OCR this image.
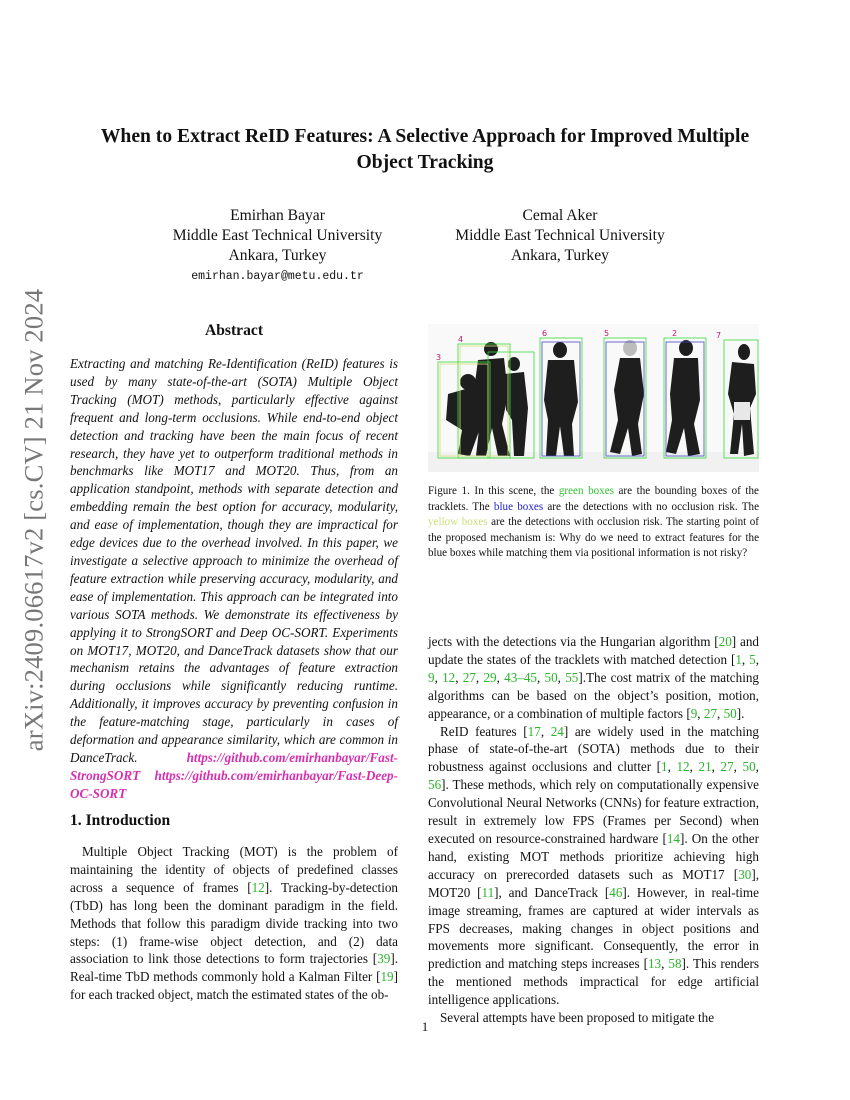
arXiv:2409.06617v2 [cs.CV] 21 Nov 2024
When to Extract ReID Features: A Selective Approach for Improved Multiple
Object Tracking
Emirhan Bayar
Middle East Technical University
Ankara, Turkey
emirhan.bayar@metu.edu.tr
Cemal Aker
Middle East Technical University
Ankara, Turkey
Abstract
Extracting and matching Re-Identification (ReID) features is used by many state-of-the-art (SOTA) Multiple Object Tracking (MOT) methods, particularly effective against frequent and long-term occlusions. While end-to-end object detection and tracking have been the main focus of recent research, they have yet to outperform traditional methods in benchmarks like MOT17 and MOT20. Thus, from an application standpoint, methods with separate detection and embedding remain the best option for accuracy, modularity, and ease of implementation, though they are impractical for edge devices due to the overhead involved. In this paper, we investigate a selective approach to minimize the overhead of feature extraction while preserving accuracy, modularity, and ease of implementation. This approach can be integrated into various SOTA methods. We demonstrate its effectiveness by applying it to StrongSORT and Deep OC-SORT. Experiments on MOT17, MOT20, and DanceTrack datasets show that our mechanism retains the advantages of feature extraction during occlusions while significantly reducing runtime. Additionally, it improves accuracy by preventing confusion in the feature-matching stage, particularly in cases of deformation and appearance similarity, which are common in DanceTrack.	https://github.com/emirhanbayar/Fast-StrongSORT https://github.com/emirhanbayar/Fast-Deep-OC-SORT
1. Introduction

Multiple Object Tracking (MOT) is the problem of maintaining the identity of objects of predefined classes across a sequence of frames [12]. Tracking-by-detection (TbD) has long been the dominant paradigm in the field. Methods that follow this paradigm divide tracking into two steps: (1) frame-wise object detection, and (2) data association to link those detections to form trajectories [39]. Real-time TbD methods commonly hold a Kalman Filter [19] for each tracked object, match the estimated states of the ob-

3
4
6	5	2	7
Figure 1. In this scene, the green boxes are the bounding boxes of the tracklets. The blue boxes are the detections with no occlusion risk. The yellow boxes are the detections with occlusion risk. The starting point of the proposed mechanism is: Why do we need to extract features for the blue boxes while matching them via positional information is not risky?

jects with the detections via the Hungarian algorithm [20] and update the states of the tracklets with matched detection [1, 5, 9, 12, 27, 29, 43–45, 50, 55].The cost matrix of the matching algorithms can be based on the object’s position, motion, appearance, or a combination of multiple factors [9, 27, 50].

ReID features [17, 24] are widely used in the matching phase of state-of-the-art (SOTA) methods due to their robustness against occlusions and clutter [1, 12, 21, 27, 50, 56]. These methods, which rely on computationally expensive Convolutional Neural Networks (CNNs) for feature extraction, result in extremely low FPS (Frames per Second) when executed on resource-constrained hardware [14]. On the other hand, existing MOT methods prioritize achieving high accuracy on prerecorded datasets such as MOT17 [30], MOT20 [11], and DanceTrack [46]. However, in real-time image streaming, frames are captured at wider intervals as FPS decreases, making changes in object positions and movements more significant. Consequently, the error in prediction and matching steps increases [13, 58]. This renders the mentioned methods impractical for edge artificial intelligence applications.

Several attempts have been proposed to mitigate the

1
